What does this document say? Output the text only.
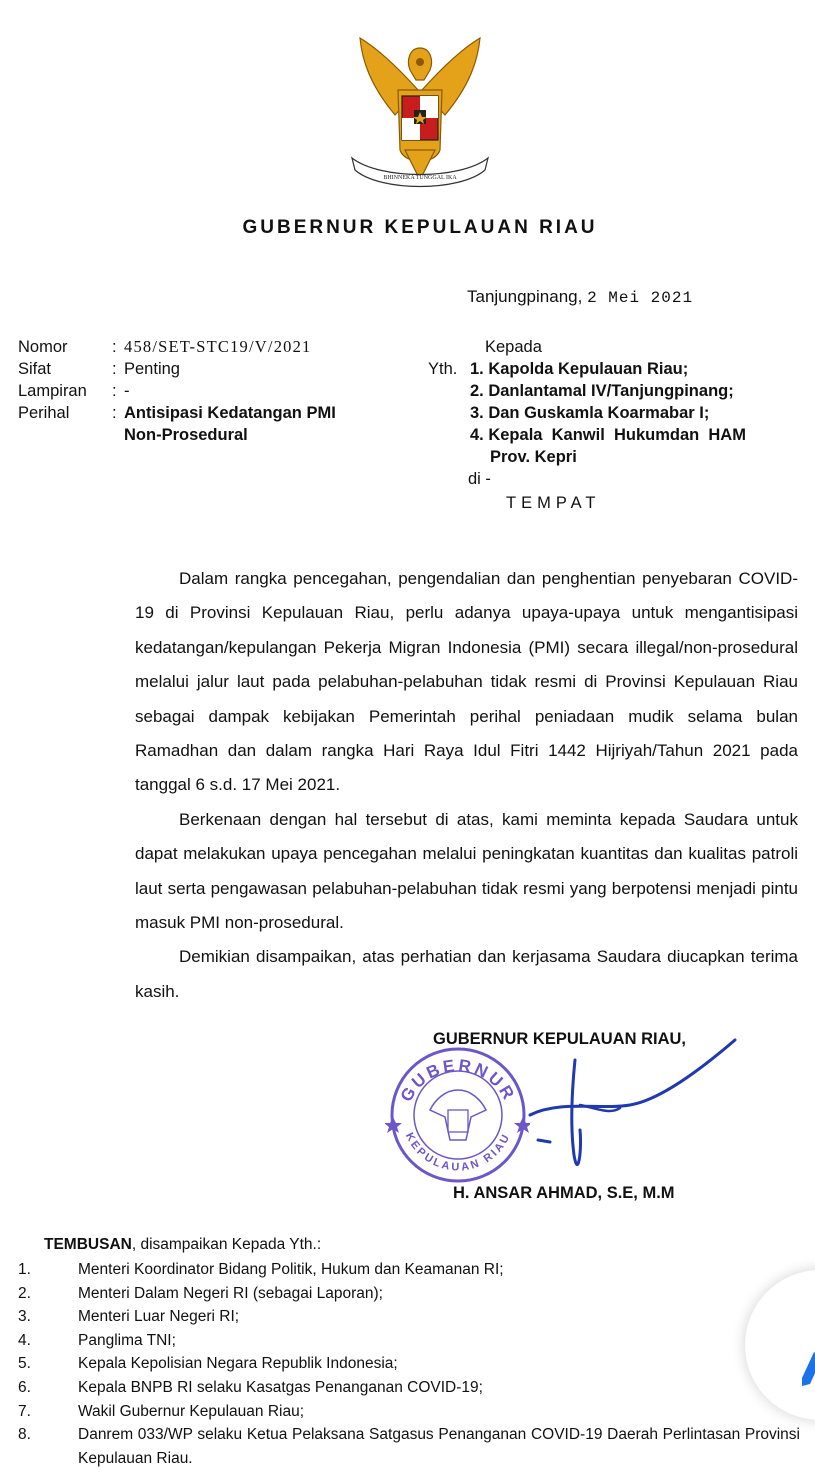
BHINNEKA TUNGGAL IKA
GUBERNUR KEPULAUAN RIAU
Tanjungpinang, 2 Mei 2021
Nomor	: 458/SET-STC19/V/2021
Sifat	: Penting
Lampiran : -
Perihal	: Antisipasi Kedatangan PMI
Non-Prosedural
Kepada
Yth. 1. Kapolda Kepulauan Riau;
2. Danlantamal IV/Tanjungpinang;
3. Dan Guskamla Koarmabar I;
4. Kepala  Kanwil  Hukumdan  HAM
Prov. Kepri
di -
TEMPAT

Dalam rangka pencegahan, pengendalian dan penghentian penyebaran COVID-19 di Provinsi Kepulauan Riau, perlu adanya upaya-upaya untuk mengantisipasi kedatangan/kepulangan Pekerja Migran Indonesia (PMI) secara illegal/non-prosedural melalui jalur laut pada pelabuhan-pelabuhan tidak resmi di Provinsi Kepulauan Riau sebagai dampak kebijakan Pemerintah perihal peniadaan mudik selama bulan Ramadhan dan dalam rangka Hari Raya Idul Fitri 1442 Hijriyah/Tahun 2021 pada tanggal 6 s.d. 17 Mei 2021.

Berkenaan dengan hal tersebut di atas, kami meminta kepada Saudara untuk dapat melakukan upaya pencegahan melalui peningkatan kuantitas dan kualitas patroli laut serta pengawasan pelabuhan-pelabuhan tidak resmi yang berpotensi menjadi pintu masuk PMI non-prosedural.

Demikian disampaikan, atas perhatian dan kerjasama Saudara diucapkan terima kasih.

GUBERNUR KEPULAUAN RIAU,
GUBERNUR
KEPULAUAN RIAU
H. ANSAR AHMAD, S.E, M.M
TEMBUSAN, disampaikan Kepada Yth.:
1.	Menteri Koordinator Bidang Politik, Hukum dan Keamanan RI;
2.	Menteri Dalam Negeri RI (sebagai Laporan);
3.	Menteri Luar Negeri RI;
4.	Panglima TNI;
5.	Kepala Kepolisian Negara Republik Indonesia;
6.	Kepala BNPB RI selaku Kasatgas Penanganan COVID-19;
7.	Wakil Gubernur Kepulauan Riau;
8.	Danrem 033/WP selaku Ketua Pelaksana Satgasus Penanganan COVID-19 Daerah Perlintasan Provinsi Kepulauan Riau.
